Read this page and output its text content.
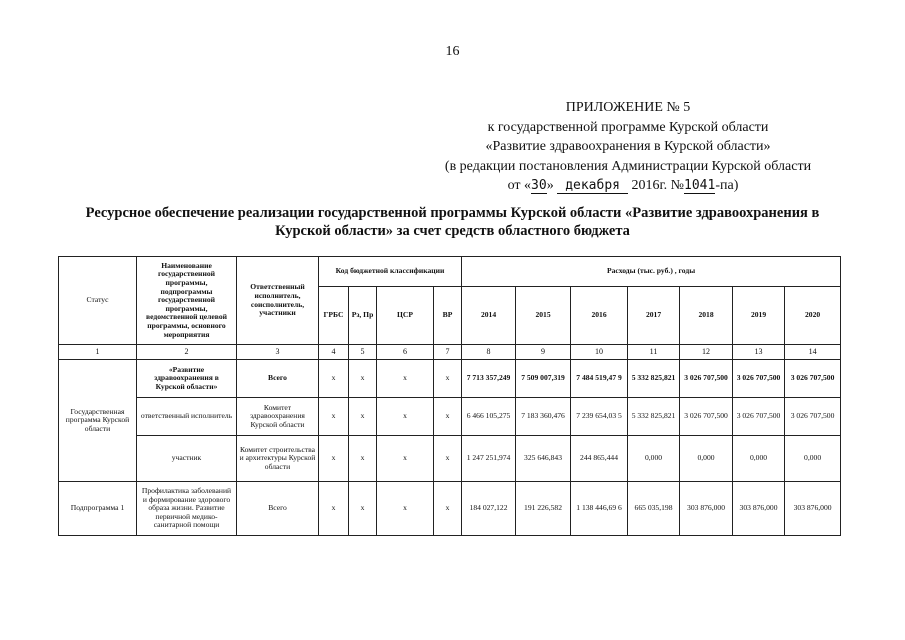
16
ПРИЛОЖЕНИЕ № 5
к государственной программе Курской области
«Развитие здравоохранения в Курской области»
(в редакции постановления Администрации Курской области
от «30» декабря 2016г. №1041-па)
Ресурсное обеспечение реализации государственной программы Курской области «Развитие здравоохранения в Курской области» за счет средств областного бюджета
Статус	Наименование государственной программы, подпрограммы государственной программы, ведомственной целевой программы, основного мероприятия	Ответственный исполнитель, соисполнитель, участники	Код бюджетной классификации				Расходы (тыс. руб.) , годы						
			ГРБС	Рз, Пр	ЦСР	ВР	2014	2015	2016	2017	2018	2019	2020
1	2	3	4	5	6	7	8	9	10	11	12	13	14
Государственная программа Курской области	«Развитие здравоохранения в Курской области»	Всего	х	х	х	х	7 713 357,249	7 509 007,319	7 484 519,47 9	5 332 825,821	3 026 707,500	3 026 707,500	3 026 707,500
	ответственный исполнитель	Комитет здравоохранения Курской области	х	х	х	х	6 466 105,275	7 183 360,476	7 239 654,03 5	5 332 825,821	3 026 707,500	3 026 707,500	3 026 707,500
	участник	Комитет строительства и архитектуры Курской области	х	х	х	х	1 247 251,974	325 646,843	244 865,444	0,000	0,000	0,000	0,000
Подпрограмма 1	Профилактика заболеваний и формирование здорового образа жизни. Развитие первичной медико-санитарной помощи	Всего	х	х	х	х	184 027,122	191 226,582	1 138 446,69 6	665 035,198	303 876,000	303 876,000	303 876,000
